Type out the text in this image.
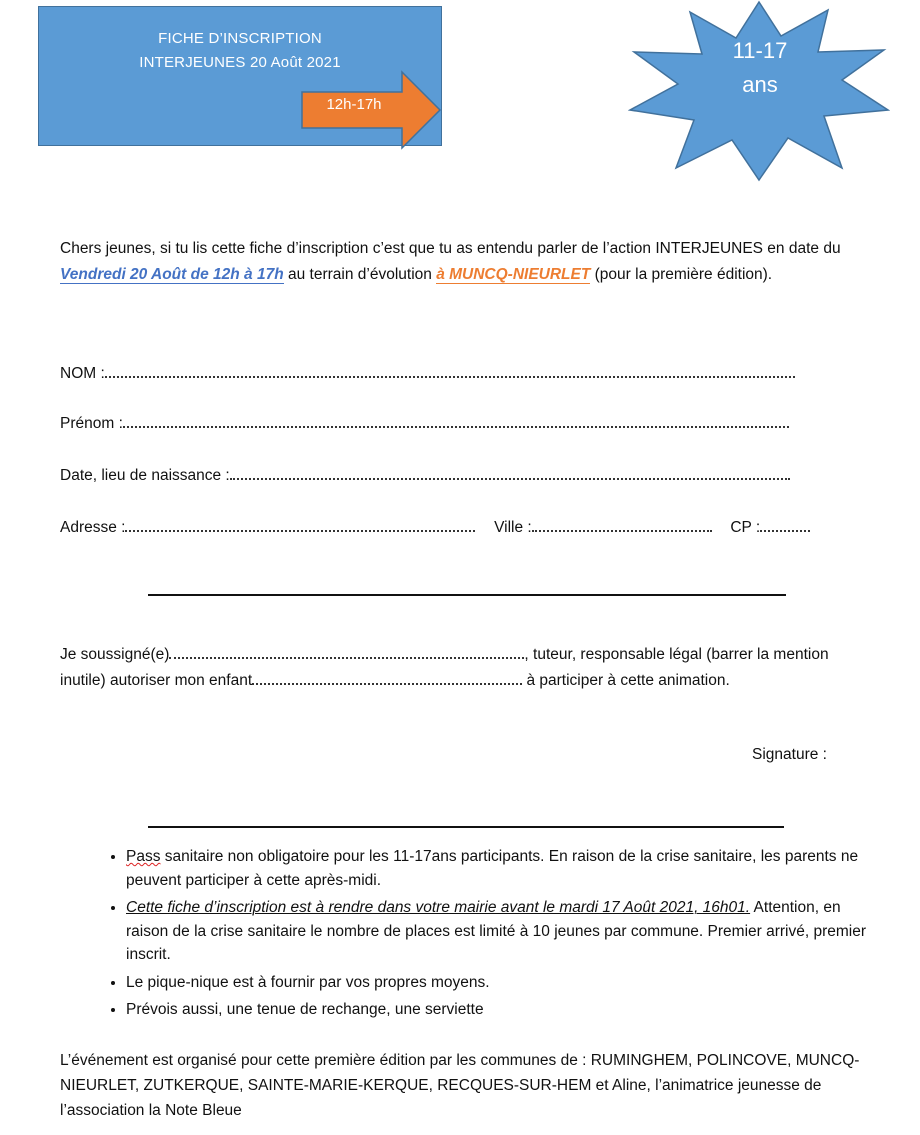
FICHE D’INSCRIPTION
INTERJEUNES 20 Août 2021
12h-17h
11-17
ans
Chers jeunes, si tu lis cette fiche d’inscription c’est que tu as entendu parler de l’action INTERJEUNES en date du Vendredi 20 Août de 12h à 17h au terrain d’évolution à MUNCQ-NIEURLET (pour la première édition).
NOM :
Prénom :
Date, lieu de naissance :
Adresse :	Ville :	CP :
Je soussigné(e)	, tuteur, responsable légal (barrer la mention inutile) autoriser mon enfant	à participer à cette animation.
Signature :
• Pass sanitaire non obligatoire pour les 11-17ans participants. En raison de la crise sanitaire, les parents ne peuvent participer à cette après-midi.
• Cette fiche d’inscription est à rendre dans votre mairie avant le mardi 17 Août 2021, 16h01. Attention, en raison de la crise sanitaire le nombre de places est limité à 10 jeunes par commune. Premier arrivé, premier inscrit.
• Le pique-nique est à fournir par vos propres moyens.
• Prévois aussi, une tenue de rechange, une serviette
L’événement est organisé pour cette première édition par les communes de : RUMINGHEM, POLINCOVE, MUNCQ-NIEURLET, ZUTKERQUE, SAINTE-MARIE-KERQUE, RECQUES-SUR-HEM et Aline, l’animatrice jeunesse de l’association la Note Bleue
